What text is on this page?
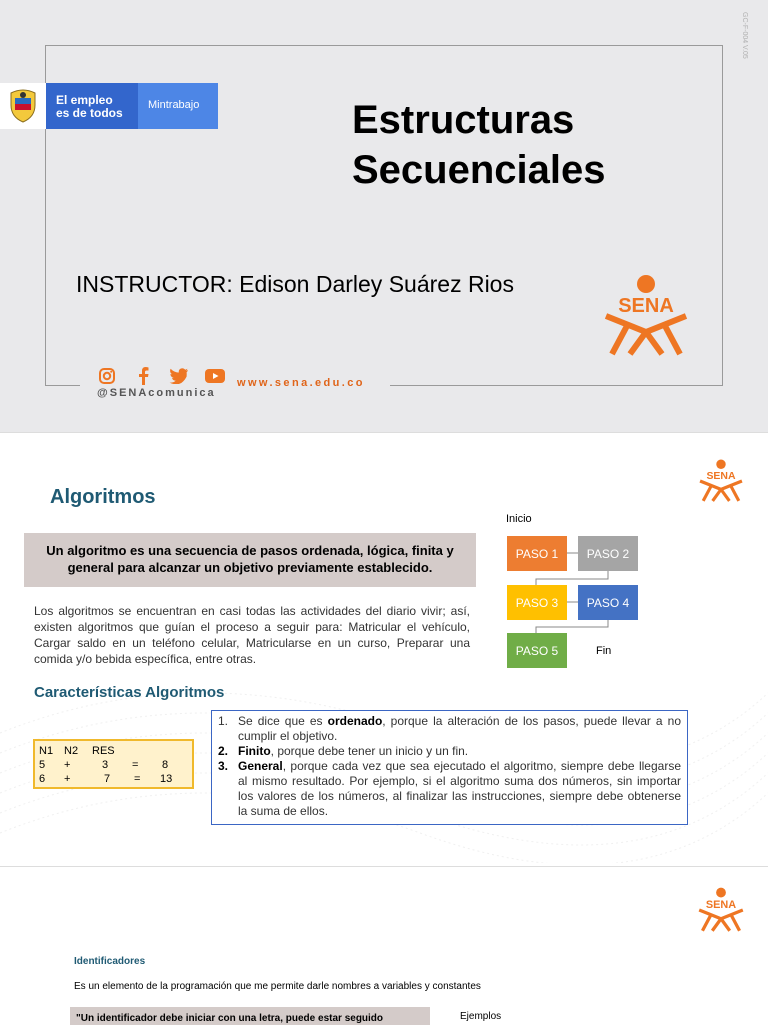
El empleo
es de todos
Mintrabajo	Estructuras
Secuenciales

INSTRUCTOR: Edison Darley Suárez Rios

SENA
@SENAcomunica
www.sena.edu.co
GC-F-004 V.05
SENA
Algoritmos
Un algoritmo es una secuencia de pasos ordenada, lógica, finita y general para alcanzar un objetivo previamente establecido.

Los algoritmos se encuentran en casi todas las actividades del diario vivir; así, existen algoritmos que guían el proceso a seguir para: Matricular el vehículo, Cargar saldo en un teléfono celular, Matricularse en un curso, Preparar una comida y/o bebida específica, entre otras.

Características Algoritmos
N1 N2	RES
5	+	3	=	8
6	+	7	=	13
1. Se dice que es ordenado, porque la alteración de los pasos, puede llevar a no cumplir el objetivo.
2. Finito, porque debe tener un inicio y un fin.
3. General, porque cada vez que sea ejecutado el algoritmo, siempre debe llegarse al mismo resultado. Por ejemplo, si el algoritmo suma dos números, sin importar los valores de los números, al finalizar las instrucciones, siempre debe obtenerse la suma de ellos.
Inicio
PASO 1 PASO 2
PASO 3 PASO 4
PASO 5	Fin
SENA
Identificadores

Es un elemento de la programación que me permite darle nombres a variables y constantes

"Un identificador debe iniciar con una letra, puede estar seguido	Ejemplos
